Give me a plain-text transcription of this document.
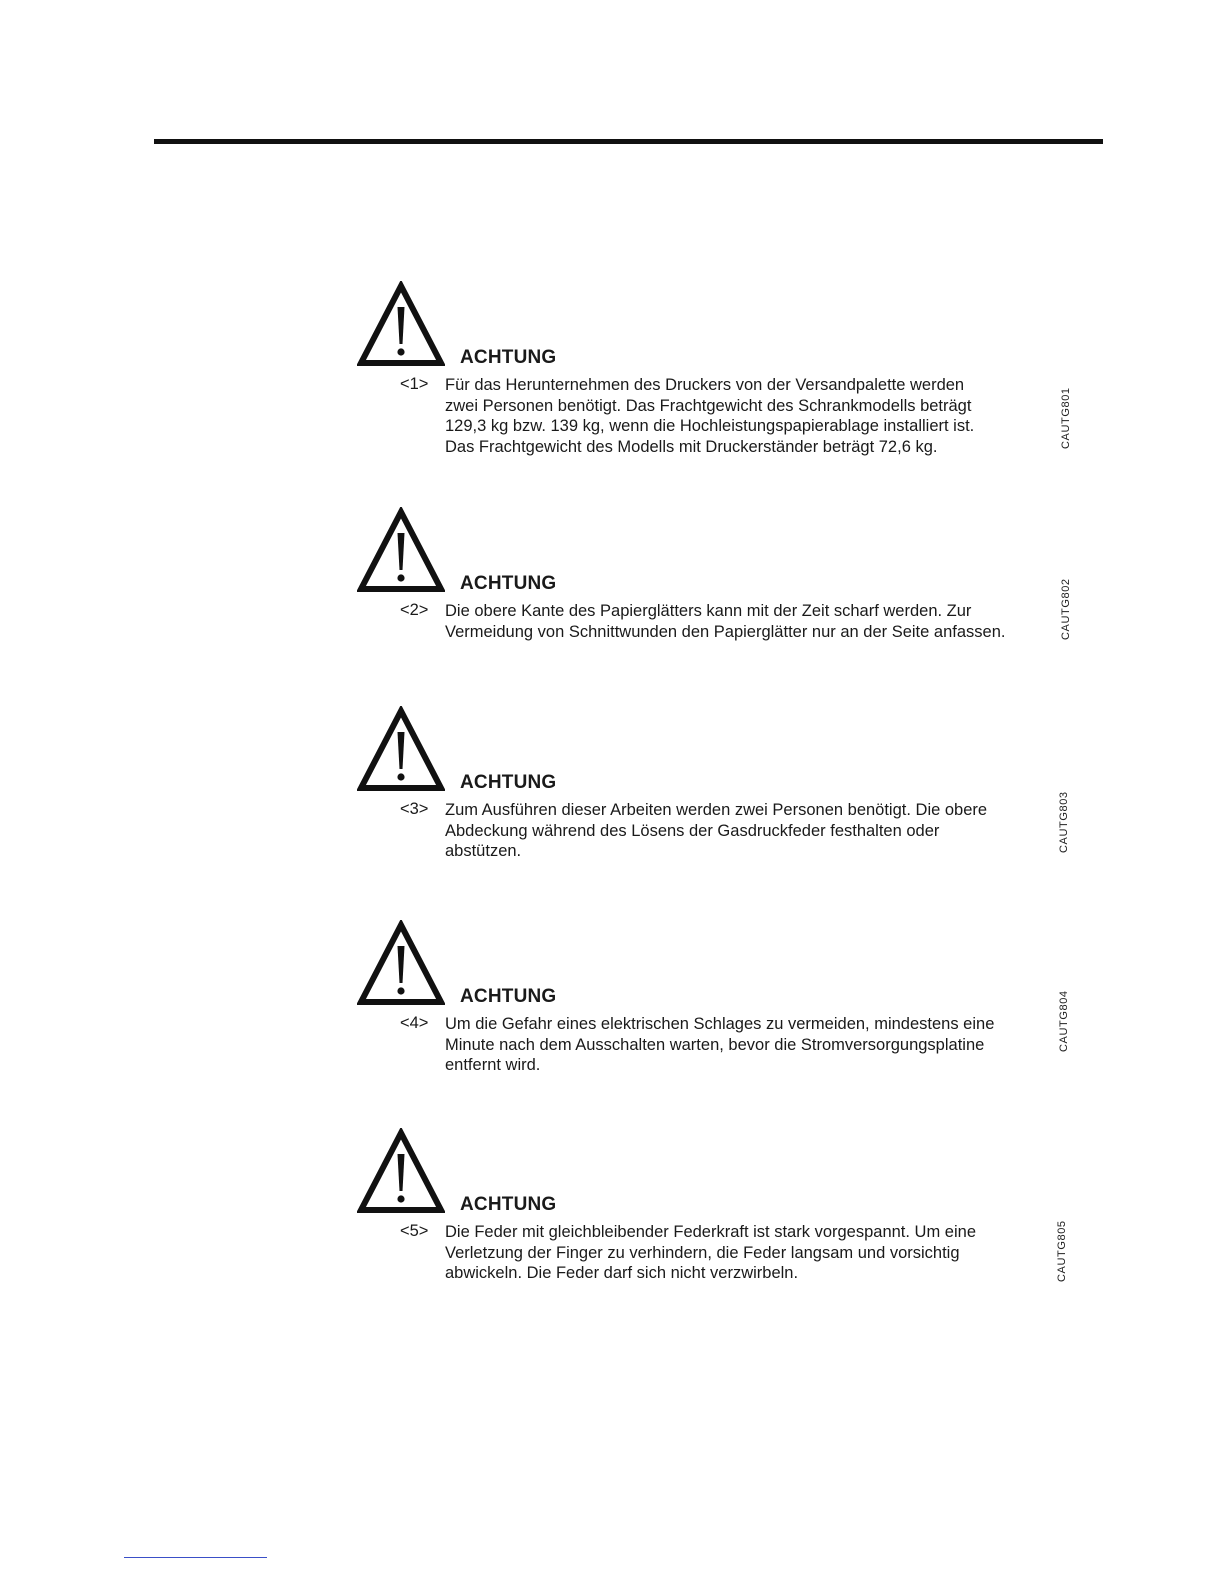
ACHTUNG
<1> Für das Herunternehmen des Druckers von der Versandpalette werden
zwei Personen benötigt. Das Frachtgewicht des Schrankmodells beträgt
129,3 kg bzw. 139 kg, wenn die Hochleistungspapierablage installiert ist.
Das Frachtgewicht des Modells mit Druckerständer beträgt 72,6 kg.	CAUTG801
ACHTUNG
<2> Die obere Kante des Papierglätters kann mit der Zeit scharf werden. Zur
Vermeidung von Schnittwunden den Papierglätter nur an der Seite anfassen.	CAUTG802
ACHTUNG
<3> Zum Ausführen dieser Arbeiten werden zwei Personen benötigt. Die obere
Abdeckung während des Lösens der Gasdruckfeder festhalten oder
abstützen.	CAUTG803
ACHTUNG
<4> Um die Gefahr eines elektrischen Schlages zu vermeiden, mindestens eine
Minute nach dem Ausschalten warten, bevor die Stromversorgungsplatine
entfernt wird.
CAUTG804
ACHTUNG
<5> Die Feder mit gleichbleibender Federkraft ist stark vorgespannt. Um eine
Verletzung der Finger zu verhindern, die Feder langsam und vorsichtig
abwickeln. Die Feder darf sich nicht verzwirbeln.	CAUTG805
